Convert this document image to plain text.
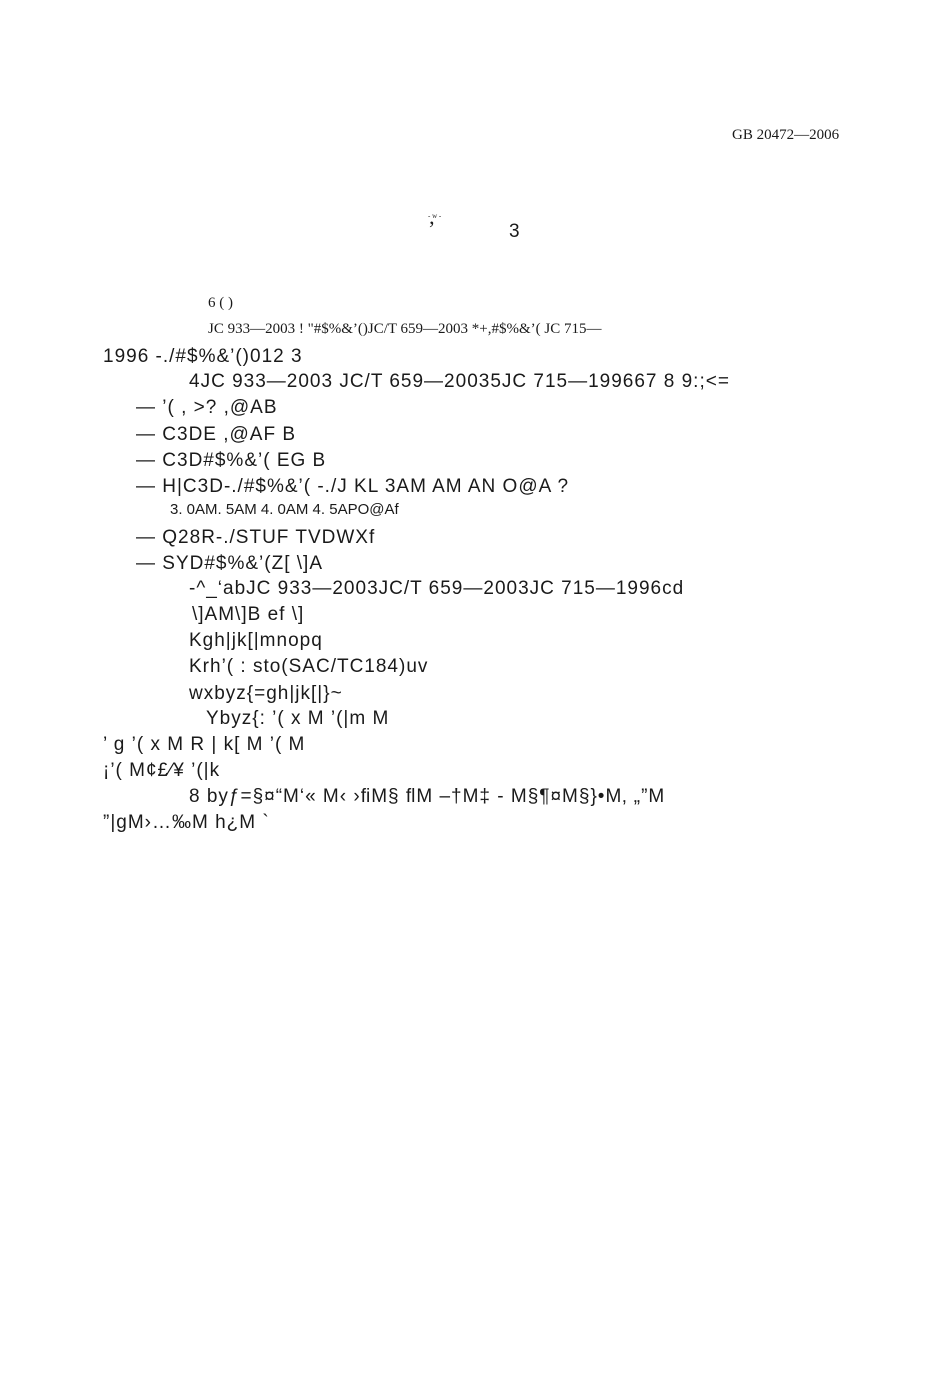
GB 20472—2006
- w -
’	3
6 ( )
JC 933—2003 ! "#$%&’()JC/T 659—2003 *+,#$%&’( JC 715—
1996 -./#$%&’()012 3
4JC 933—2003 JC/T 659—20035JC 715—199667 8 9:;<=
— ’( , >? ,@AB
— C3DE ,@AF B
— C3D#$%&’( EG B
— H|C3D-./#$%&’( -./J KL 3AM AM AN O@A ?
3. 0AM. 5AM 4. 0AM 4. 5APO@Af
— Q28R-./STUF TVDWXf
— SYD#$%&’(Z[ \]A
-^_‘abJC 933—2003JC/T 659—2003JC 715—1996cd
\]AM\]B ef \]
Kgh|jk[|mnopq
Krh’( : sto(SAC/TC184)uv
wxbyz{=gh|jk[|}~
Ybyz{: ’( x M ’(|m M
’ g ’( x M R | k[ M ’( M
¡’( M¢£⁄¥ ’(|k
8 byƒ=§¤“M‘« M‹ ›ﬁM§ ﬂM –†M‡ - M§¶¤M§}•M‚ „”M
”|gM›…‰M h¿M `
